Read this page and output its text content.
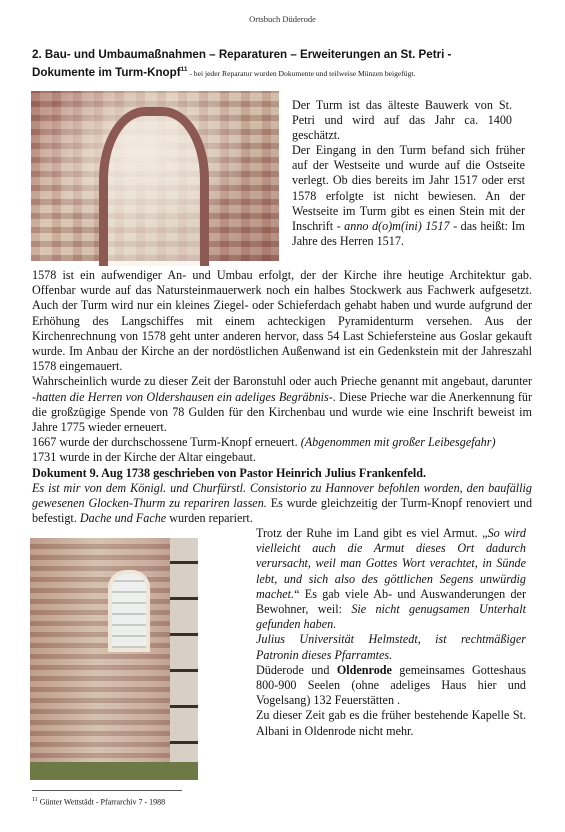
Ortsbuch Düderode
2. Bau- und Umbaumaßnahmen – Reparaturen – Erweiterungen an St. Petri -
Dokumente im Turm-Knopf$^{11}$ - bei jeder Reparatur wurden Dokumente und teilweise Münzen beigefügt.

Der Turm ist das älteste Bauwerk von St. Petri und wird auf das Jahr ca. 1400 geschätzt.

Der Eingang in den Turm befand sich früher auf der Westseite und wurde auf die Ostseite verlegt. Ob dies bereits im Jahr 1517 oder erst 1578 erfolgte ist nicht bewiesen. An der Westseite im Turm gibt es einen Stein mit der Inschrift - anno d(o)m(ini) 1517 - das heißt: Im Jahre des Herren 1517.

1578 ist ein aufwendiger An- und Umbau erfolgt, der der Kirche ihre heutige Architektur gab. Offenbar wurde auf das Natursteinmauerwerk noch ein halbes Stockwerk aus Fachwerk aufgesetzt. Auch der Turm wird nur ein kleines Ziegel- oder Schieferdach gehabt haben und wurde aufgrund der Erhöhung des Langschiffes mit einem achteckigen Pyramidenturm versehen. Aus der Kirchenrechnung von 1578 geht unter anderen hervor, dass 54 Last Schiefersteine aus Goslar gekauft wurde. Im Anbau der Kirche an der nordöstlichen Außenwand ist ein Gedenkstein mit der Jahreszahl 1578 eingemauert.

Wahrscheinlich wurde zu dieser Zeit der Baronstuhl oder auch Prieche genannt mit angebaut, darunter -hatten die Herren von Oldershausen ein adeliges Begräbnis-. Diese Prieche war die Anerkennung für die großzügige Spende von 78 Gulden für den Kirchenbau und wurde wie eine Inschrift beweist im Jahre 1775 wieder erneuert.

1667 wurde der durchschossene Turm-Knopf erneuert. (Abgenommen mit großer Leibesgefahr)

1731 wurde in der Kirche der Altar eingebaut.

Dokument 9. Aug 1738 geschrieben von Pastor Heinrich Julius Frankenfeld.

Es ist mir von dem Königl. und Churfürstl. Consistorio zu Hannover befohlen worden, den baufällig gewesenen Glocken-Thurm zu repariren lassen. Es wurde gleichzeitig der Turm-Knopf renoviert und befestigt. Dache und Fache wurden repariert.

Trotz der Ruhe im Land gibt es viel Armut. „So wird vielleicht auch die Armut dieses Ort dadurch verursacht, weil man Gottes Wort verachtet, in Sünde lebt, und sich also des göttlichen Segens unwürdig machet.“ Es gab viele Ab- und Auswanderungen der Bewohner, weil: Sie nicht genugsamen Unterhalt gefunden haben.

Julius Universität Helmstedt, ist rechtmäßiger Patronin dieses Pfarramtes.

Düderode und Oldenrode gemeinsames Gotteshaus 800-900 Seelen (ohne adeliges Haus hier und Vogelsang) 132 Feuerstätten .

Zu dieser Zeit gab es die früher bestehende Kapelle St. Albani in Oldenrode nicht mehr.

$^{11}$ Günter Wettstädt - Pfarrarchiv 7 - 1988
